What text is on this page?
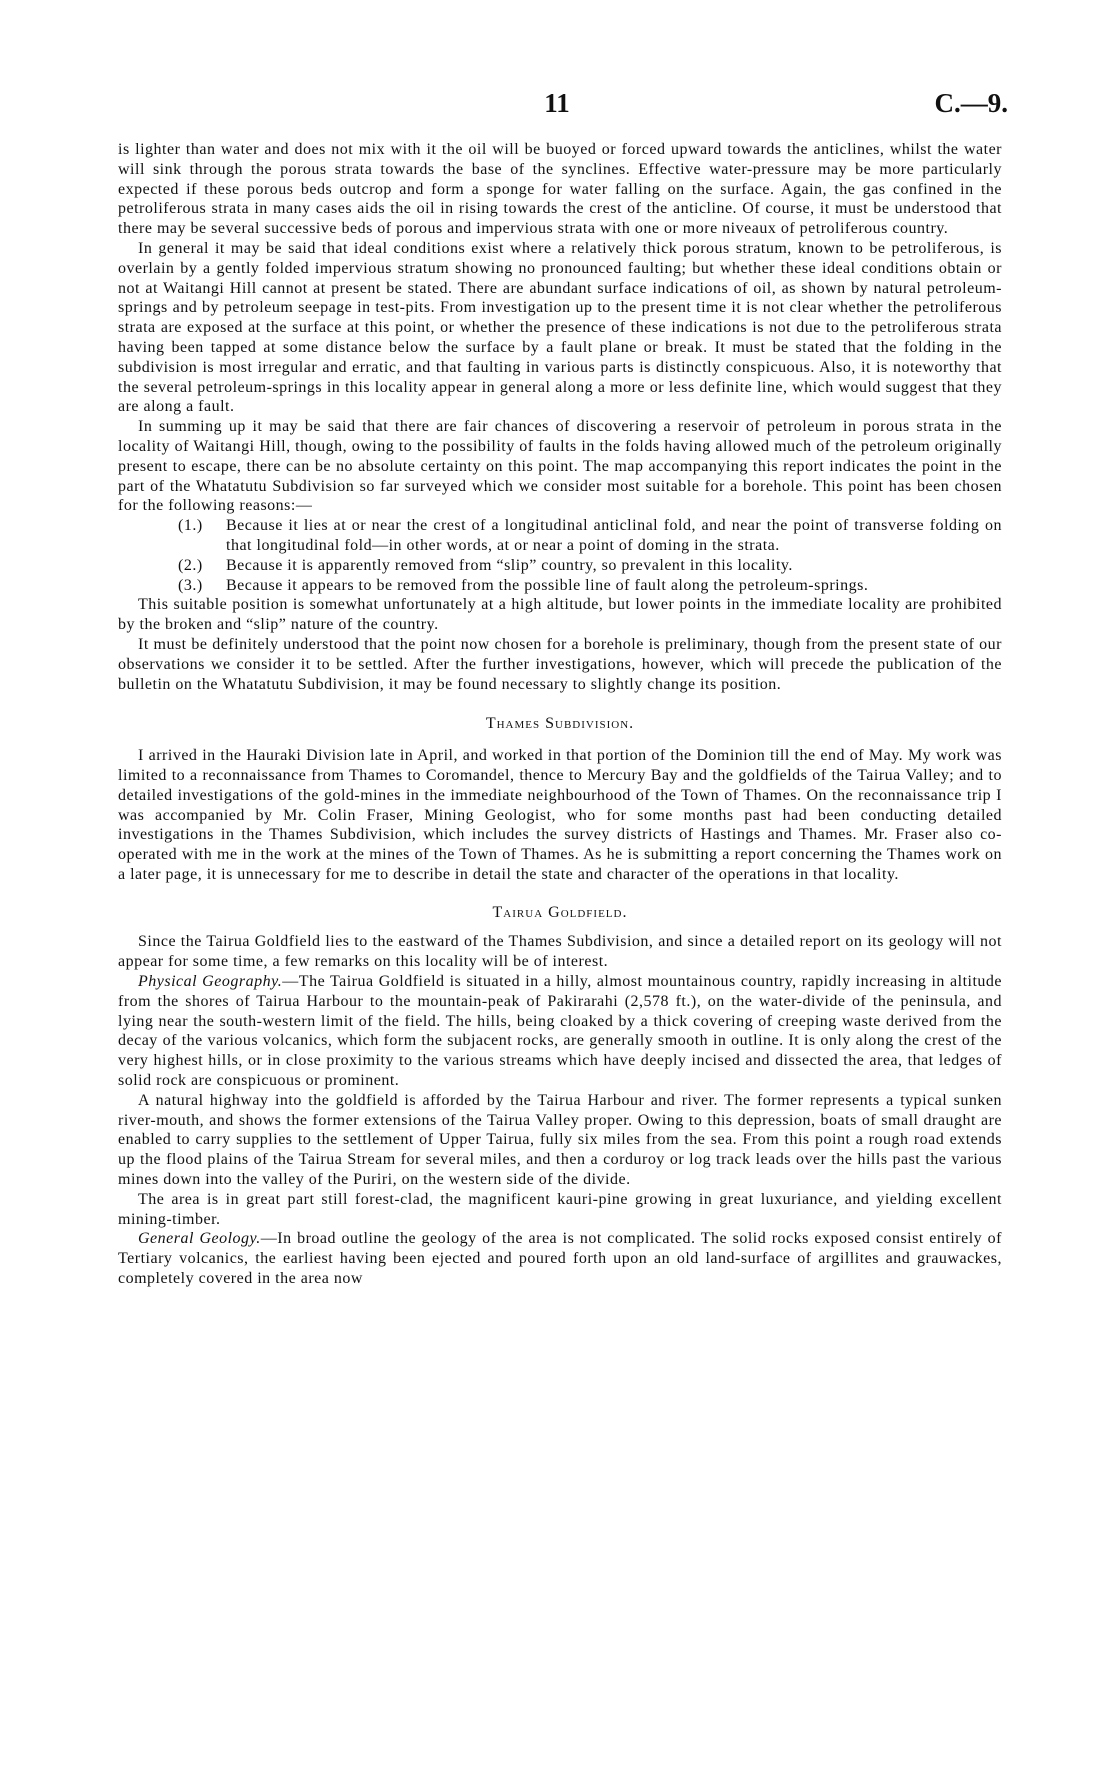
11	C.—9.

is lighter than water and does not mix with it the oil will be buoyed or forced upward towards the anticlines, whilst the water will sink through the porous strata towards the base of the synclines. Effective water-pressure may be more particularly expected if these porous beds outcrop and form a sponge for water falling on the surface. Again, the gas confined in the petroliferous strata in many cases aids the oil in rising towards the crest of the anticline. Of course, it must be understood that there may be several successive beds of porous and impervious strata with one or more niveaux of petroliferous country.

In general it may be said that ideal conditions exist where a relatively thick porous stratum, known to be petroliferous, is overlain by a gently folded impervious stratum showing no pronounced faulting; but whether these ideal conditions obtain or not at Waitangi Hill cannot at present be stated. There are abundant surface indications of oil, as shown by natural petroleum-springs and by petroleum seepage in test-pits. From investigation up to the present time it is not clear whether the petroliferous strata are exposed at the surface at this point, or whether the presence of these indications is not due to the petroliferous strata having been tapped at some distance below the surface by a fault plane or break. It must be stated that the folding in the subdivision is most irregular and erratic, and that faulting in various parts is distinctly conspicuous. Also, it is noteworthy that the several petroleum-springs in this locality appear in general along a more or less definite line, which would suggest that they are along a fault.

In summing up it may be said that there are fair chances of discovering a reservoir of petroleum in porous strata in the locality of Waitangi Hill, though, owing to the possibility of faults in the folds having allowed much of the petroleum originally present to escape, there can be no absolute certainty on this point. The map accompanying this report indicates the point in the part of the Whatatutu Subdivision so far surveyed which we consider most suitable for a borehole. This point has been chosen for the following reasons:—

(1.) Because it lies at or near the crest of a longitudinal anticlinal fold, and near the point of transverse folding on that longitudinal fold—in other words, at or near a point of doming in the strata.
(2.) Because it is apparently removed from “slip” country, so prevalent in this locality.
(3.) Because it appears to be removed from the possible line of fault along the petroleum-springs.

This suitable position is somewhat unfortunately at a high altitude, but lower points in the immediate locality are prohibited by the broken and “slip” nature of the country.

It must be definitely understood that the point now chosen for a borehole is preliminary, though from the present state of our observations we consider it to be settled. After the further investigations, however, which will precede the publication of the bulletin on the Whatatutu Subdivision, it may be found necessary to slightly change its position.

Thames Subdivision.

I arrived in the Hauraki Division late in April, and worked in that portion of the Dominion till the end of May. My work was limited to a reconnaissance from Thames to Coromandel, thence to Mercury Bay and the goldfields of the Tairua Valley; and to detailed investigations of the gold-mines in the immediate neighbourhood of the Town of Thames. On the reconnaissance trip I was accompanied by Mr. Colin Fraser, Mining Geologist, who for some months past had been conducting detailed investigations in the Thames Subdivision, which includes the survey districts of Hastings and Thames. Mr. Fraser also co-operated with me in the work at the mines of the Town of Thames. As he is submitting a report concerning the Thames work on a later page, it is unnecessary for me to describe in detail the state and character of the operations in that locality.

Tairua Goldfield.

Since the Tairua Goldfield lies to the eastward of the Thames Subdivision, and since a detailed report on its geology will not appear for some time, a few remarks on this locality will be of interest.

Physical Geography.—The Tairua Goldfield is situated in a hilly, almost mountainous country, rapidly increasing in altitude from the shores of Tairua Harbour to the mountain-peak of Pakirarahi (2,578 ft.), on the water-divide of the peninsula, and lying near the south-western limit of the field. The hills, being cloaked by a thick covering of creeping waste derived from the decay of the various volcanics, which form the subjacent rocks, are generally smooth in outline. It is only along the crest of the very highest hills, or in close proximity to the various streams which have deeply incised and dissected the area, that ledges of solid rock are conspicuous or prominent.

A natural highway into the goldfield is afforded by the Tairua Harbour and river. The former represents a typical sunken river-mouth, and shows the former extensions of the Tairua Valley proper. Owing to this depression, boats of small draught are enabled to carry supplies to the settlement of Upper Tairua, fully six miles from the sea. From this point a rough road extends up the flood plains of the Tairua Stream for several miles, and then a corduroy or log track leads over the hills past the various mines down into the valley of the Puriri, on the western side of the divide.

The area is in great part still forest-clad, the magnificent kauri-pine growing in great luxuriance, and yielding excellent mining-timber.

General Geology.—In broad outline the geology of the area is not complicated. The solid rocks exposed consist entirely of Tertiary volcanics, the earliest having been ejected and poured forth upon an old land-surface of argillites and grauwackes, completely covered in the area now
